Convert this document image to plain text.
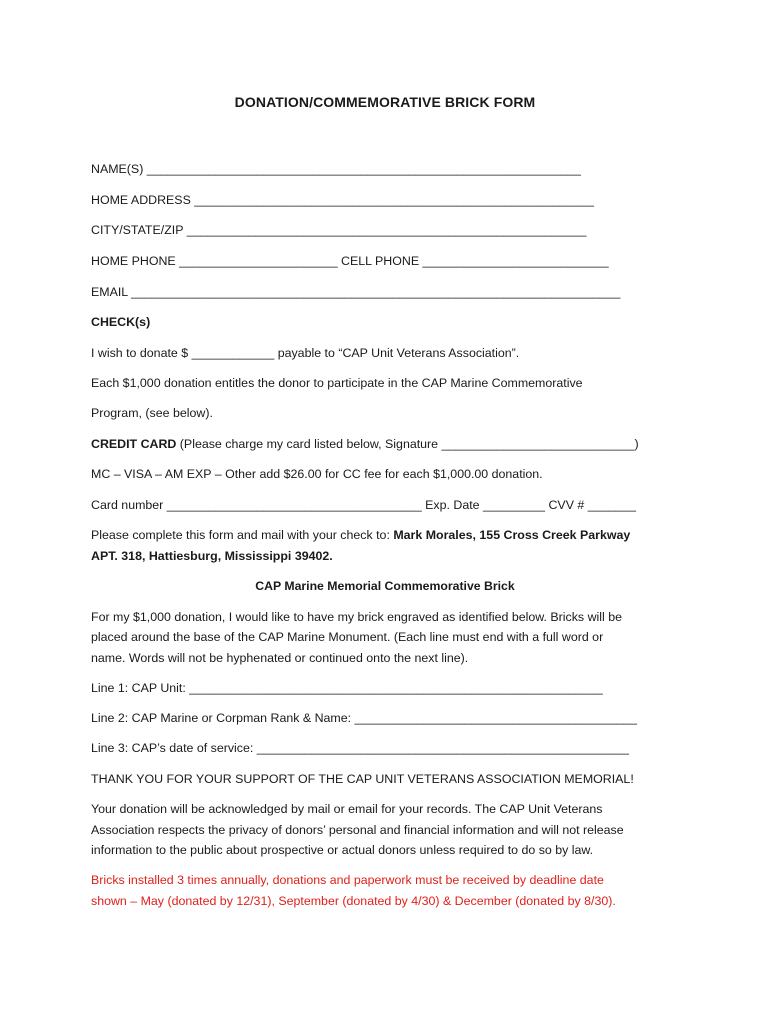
DONATION/COMMEMORATIVE BRICK FORM
NAME(S) _______________________________________________________________
HOME ADDRESS __________________________________________________________
CITY/STATE/ZIP __________________________________________________________
HOME PHONE _______________________ CELL PHONE ___________________________
EMAIL _______________________________________________________________________
CHECK(s)
I wish to donate $ ____________ payable to “CAP Unit Veterans Association”.
Each $1,000 donation entitles the donor to participate in the CAP Marine Commemorative
Program, (see below).
CREDIT CARD (Please charge my card listed below, Signature ____________________________)
MC – VISA – AM EXP – Other add $26.00 for CC fee for each $1,000.00 donation.
Card number _____________________________________ Exp. Date _________ CVV # _______
Please complete this form and mail with your check to: Mark Morales, 155 Cross Creek Parkway
APT. 318, Hattiesburg, Mississippi 39402.
CAP Marine Memorial Commemorative Brick
For my $1,000 donation, I would like to have my brick engraved as identified below. Bricks will be
placed around the base of the CAP Marine Monument. (Each line must end with a full word or
name. Words will not be hyphenated or continued onto the next line).
Line 1: CAP Unit: ____________________________________________________________
Line 2: CAP Marine or Corpman Rank & Name: _________________________________________
Line 3: CAP’s date of service: ______________________________________________________
THANK YOU FOR YOUR SUPPORT OF THE CAP UNIT VETERANS ASSOCIATION MEMORIAL!
Your donation will be acknowledged by mail or email for your records. The CAP Unit Veterans
Association respects the privacy of donors’ personal and financial information and will not release
information to the public about prospective or actual donors unless required to do so by law.
Bricks installed 3 times annually, donations and paperwork must be received by deadline date
shown – May (donated by 12/31), September (donated by 4/30) & December (donated by 8/30).
